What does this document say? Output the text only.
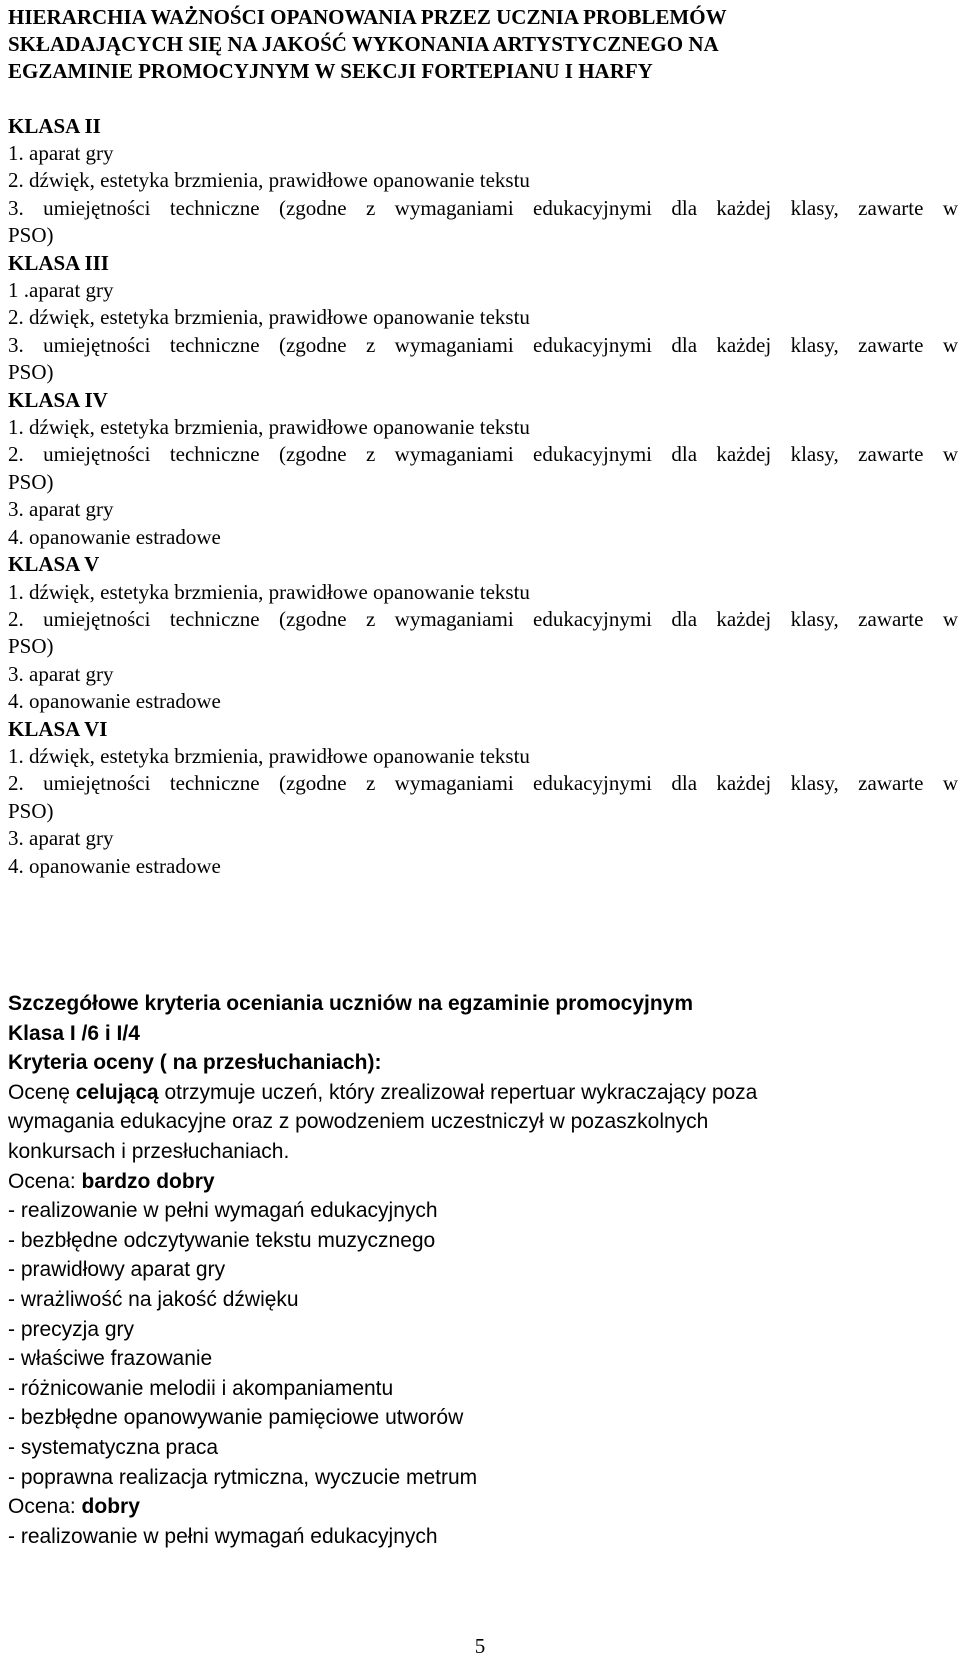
HIERARCHIA WAŻNOŚCI OPANOWANIA PRZEZ UCZNIA PROBLEMÓW
SKŁADAJĄCYCH SIĘ NA JAKOŚĆ WYKONANIA ARTYSTYCZNEGO NA
EGZAMINIE PROMOCYJNYM W SEKCJI FORTEPIANU I HARFY

KLASA II

1. aparat gry

2. dźwięk, estetyka brzmienia, prawidłowe opanowanie tekstu

3. umiejętności techniczne (zgodne z wymaganiami edukacyjnymi dla każdej klasy, zawarte w

PSO)

KLASA III

1 .aparat gry

2. dźwięk, estetyka brzmienia, prawidłowe opanowanie tekstu

3. umiejętności techniczne (zgodne z wymaganiami edukacyjnymi dla każdej klasy, zawarte w

PSO)

KLASA IV

1. dźwięk, estetyka brzmienia, prawidłowe opanowanie tekstu

2. umiejętności techniczne (zgodne z wymaganiami edukacyjnymi dla każdej klasy, zawarte w

PSO)

3. aparat gry

4. opanowanie estradowe

KLASA V

1. dźwięk, estetyka brzmienia, prawidłowe opanowanie tekstu

2. umiejętności techniczne (zgodne z wymaganiami edukacyjnymi dla każdej klasy, zawarte w

PSO)

3. aparat gry

4. opanowanie estradowe

KLASA VI

1. dźwięk, estetyka brzmienia, prawidłowe opanowanie tekstu

2. umiejętności techniczne (zgodne z wymaganiami edukacyjnymi dla każdej klasy, zawarte w

PSO)

3. aparat gry

4. opanowanie estradowe

Szczegółowe kryteria oceniania uczniów na egzaminie promocyjnym

Klasa I /6 i I/4

Kryteria oceny ( na przesłuchaniach):

Ocenę celującą otrzymuje uczeń, który zrealizował repertuar wykraczający poza
wymagania edukacyjne oraz z powodzeniem uczestniczył w pozaszkolnych
konkursach i przesłuchaniach.

Ocena: bardzo dobry

- realizowanie w pełni wymagań edukacyjnych

- bezbłędne odczytywanie tekstu muzycznego

- prawidłowy aparat gry

- wrażliwość na jakość dźwięku

- precyzja gry

- właściwe frazowanie

- różnicowanie melodii i akompaniamentu

- bezbłędne opanowywanie pamięciowe utworów

- systematyczna praca

- poprawna realizacja rytmiczna, wyczucie metrum

Ocena: dobry

- realizowanie w pełni wymagań edukacyjnych

5
